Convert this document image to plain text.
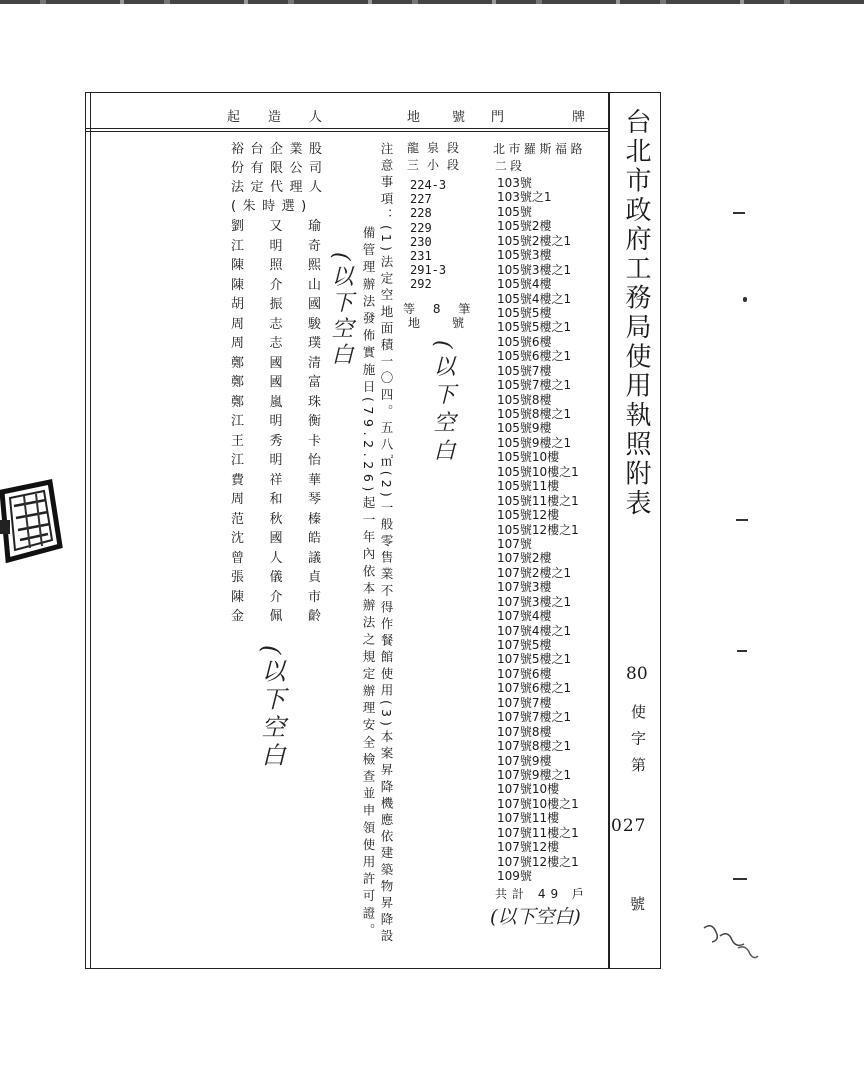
台北市政府工務局使用執照附表
80
使字第
027
號
門牌
地號
起造人
北市羅斯福路
二段
103號
103號之1
105號
105號2樓
105號2樓之1
105號3樓
105號3樓之1
105號4樓
105號4樓之1
105號5樓
105號5樓之1
105號6樓
105號6樓之1
105號7樓
105號7樓之1
105號8樓
105號8樓之1
105號9樓
105號9樓之1
105號10樓
105號10樓之1
105號11樓
105號11樓之1
105號12樓
105號12樓之1
107號
107號2樓
107號2樓之1
107號3樓
107號3樓之1
107號4樓
107號4樓之1
107號5樓
107號5樓之1
107號6樓
107號6樓之1
107號7樓
107號7樓之1
107號8樓
107號8樓之1
107號9樓
107號9樓之1
107號10樓
107號10樓之1
107號11樓
107號11樓之1
107號12樓
107號12樓之1
109號
共計 49 戶
(以下空白)
龍泉段
三小段
224-3
227
228
229
230
231
291-3
292
等 8 筆
地號
(以下空白
注意事項：(1)法定空地面積一〇四。五八㎡(2)一般零售業不得作餐館使用(3)本案昇降機應依建築物昇降設
備管理辦法發佈實施日(79.2.26)起一年內依本辦法之規定辦理安全檢查並申領使用許可證。
(以下空白
裕台企業股
份有限公司
法定代理人
(朱時選)
劉又瑜
江明奇
陳照熙
陳介山
胡振國
周志駿
周志璞
鄭國清
鄭國富
鄭嵐珠
江明衡
王秀卡
江明怡
費祥華
周和琴
范秋榛
沈國皓
曾人議
張儀貞
陳介市
金佩齡
(以下空白
